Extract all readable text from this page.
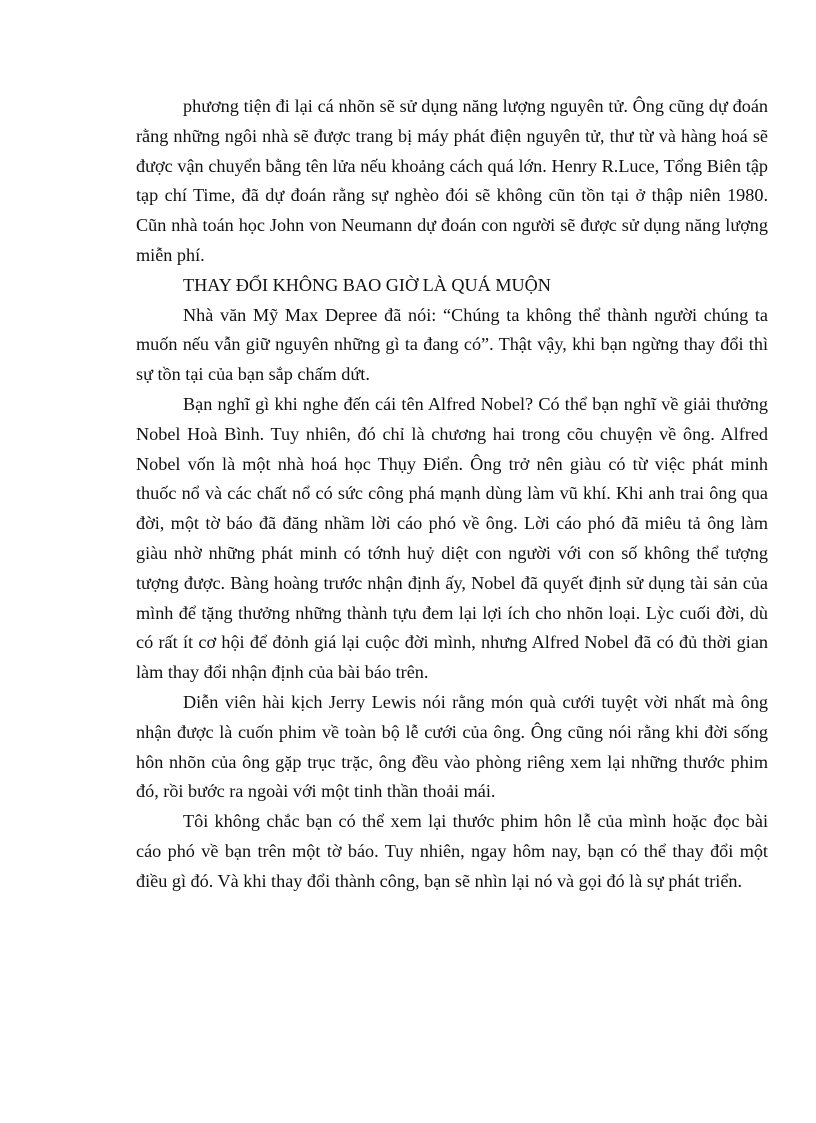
phương tiện đi lại cá nhõn sẽ sử dụng năng lượng nguyên tử. Ông cũng dự đoán rằng những ngôi nhà sẽ được trang bị máy phát điện nguyên tử, thư từ và hàng hoá sẽ được vận chuyển bằng tên lửa nếu khoảng cách quá lớn. Henry R.Luce, Tổng Biên tập tạp chí Time, đã dự đoán rằng sự nghèo đói sẽ không cũn tồn tại ở thập niên 1980. Cũn nhà toán học John von Neumann dự đoán con người sẽ được sử dụng năng lượng miễn phí.

THAY ĐỔI KHÔNG BAO GIỜ LÀ QUÁ MUỘN

Nhà văn Mỹ Max Depree đã nói: “Chúng ta không thể thành người chúng ta muốn nếu vẫn giữ nguyên những gì ta đang có”. Thật vậy, khi bạn ngừng thay đổi thì sự tồn tại của bạn sắp chấm dứt.

Bạn nghĩ gì khi nghe đến cái tên Alfred Nobel? Có thể bạn nghĩ về giải thưởng Nobel Hoà Bình. Tuy nhiên, đó chỉ là chương hai trong cõu chuyện về ông. Alfred Nobel vốn là một nhà hoá học Thụy Điển. Ông trở nên giàu có từ việc phát minh thuốc nổ và các chất nổ có sức công phá mạnh dùng làm vũ khí. Khi anh trai ông qua đời, một tờ báo đã đăng nhầm lời cáo phó về ông. Lời cáo phó đã miêu tả ông làm giàu nhờ những phát minh có tớnh huỷ diệt con người với con số không thể tượng tượng được. Bàng hoàng trước nhận định ấy, Nobel đã quyết định sử dụng tài sản của mình để tặng thưởng những thành tựu đem lại lợi ích cho nhõn loại. Lỳc cuối đời, dù có rất ít cơ hội để đỏnh giá lại cuộc đời mình, nhưng Alfred Nobel đã có đủ thời gian làm thay đổi nhận định của bài báo trên.

Diễn viên hài kịch Jerry Lewis nói rằng món quà cưới tuyệt vời nhất mà ông nhận được là cuốn phim về toàn bộ lễ cưới của ông. Ông cũng nói rằng khi đời sống hôn nhõn của ông gặp trục trặc, ông đều vào phòng riêng xem lại những thước phim đó, rồi bước ra ngoài với một tinh thần thoải mái.

Tôi không chắc bạn có thể xem lại thước phim hôn lễ của mình hoặc đọc bài cáo phó về bạn trên một tờ báo. Tuy nhiên, ngay hôm nay, bạn có thể thay đổi một điều gì đó. Và khi thay đổi thành công, bạn sẽ nhìn lại nó và gọi đó là sự phát triển.
